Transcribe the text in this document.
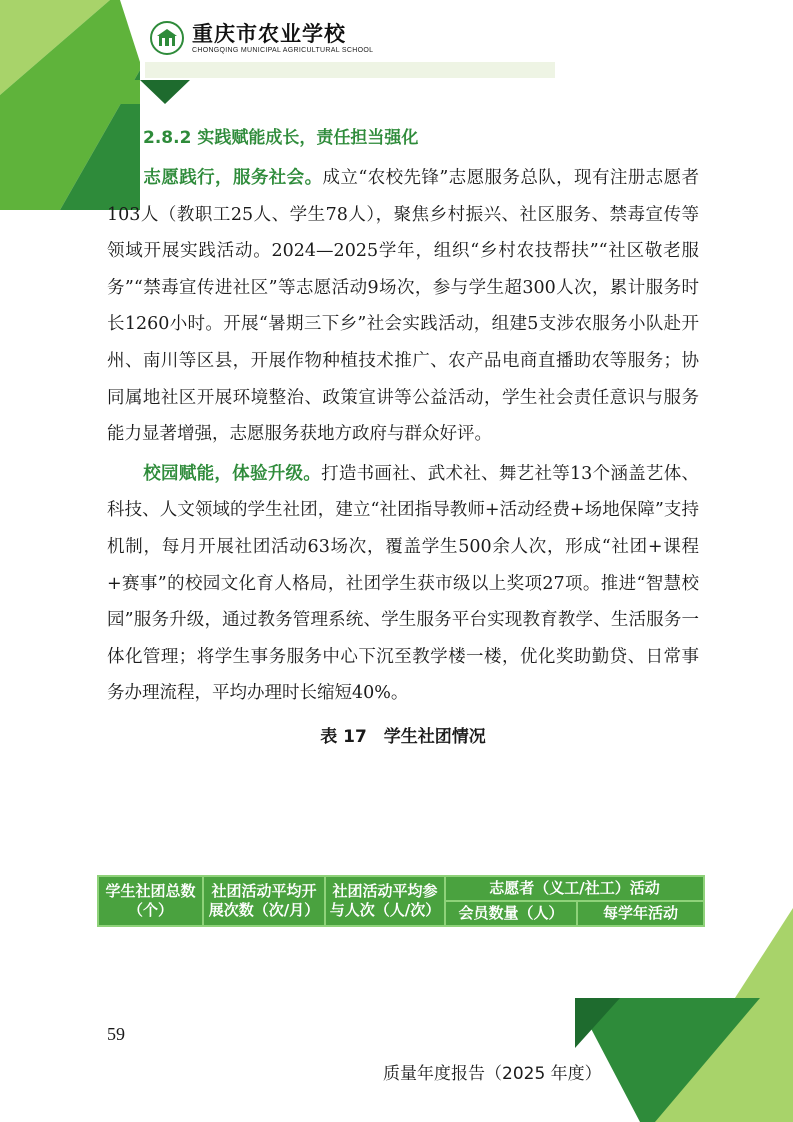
重庆市农业学校
CHONGQING MUNICIPAL AGRICULTURAL SCHOOL
2.8.2 实践赋能成长，责任担当强化

志愿践行，服务社会。成立“农校先锋”志愿服务总队，现有注册志愿者103人（教职工25人、学生78人），聚焦乡村振兴、社区服务、禁毒宣传等领域开展实践活动。2024—2025学年，组织“乡村农技帮扶”“社区敬老服务”“禁毒宣传进社区”等志愿活动9场次，参与学生超300人次，累计服务时长1260小时。开展“暑期三下乡”社会实践活动，组建5支涉农服务小队赴开州、南川等区县，开展作物种植技术推广、农产品电商直播助农等服务；协同属地社区开展环境整治、政策宣讲等公益活动，学生社会责任意识与服务能力显著增强，志愿服务获地方政府与群众好评。

校园赋能，体验升级。打造书画社、武术社、舞艺社等13个涵盖艺体、科技、人文领域的学生社团，建立“社团指导教师+活动经费+场地保障”支持机制，每月开展社团活动63场次，覆盖学生500余人次，形成“社团+课程+赛事”的校园文化育人格局，社团学生获市级以上奖项27项。推进“智慧校园”服务升级，通过教务管理系统、学生服务平台实现教育教学、生活服务一体化管理；将学生事务服务中心下沉至教学楼一楼，优化奖助勤贷、日常事务办理流程，平均办理时长缩短40%。

表 17　学生社团情况
学生社团总数（个）	社团活动平均开展次数（次/月）	社团活动平均参与人次（人/次）	志愿者（义工/社工）活动	
			会员数量（人）	每学年活动
59
质量年度报告（2025 年度）
